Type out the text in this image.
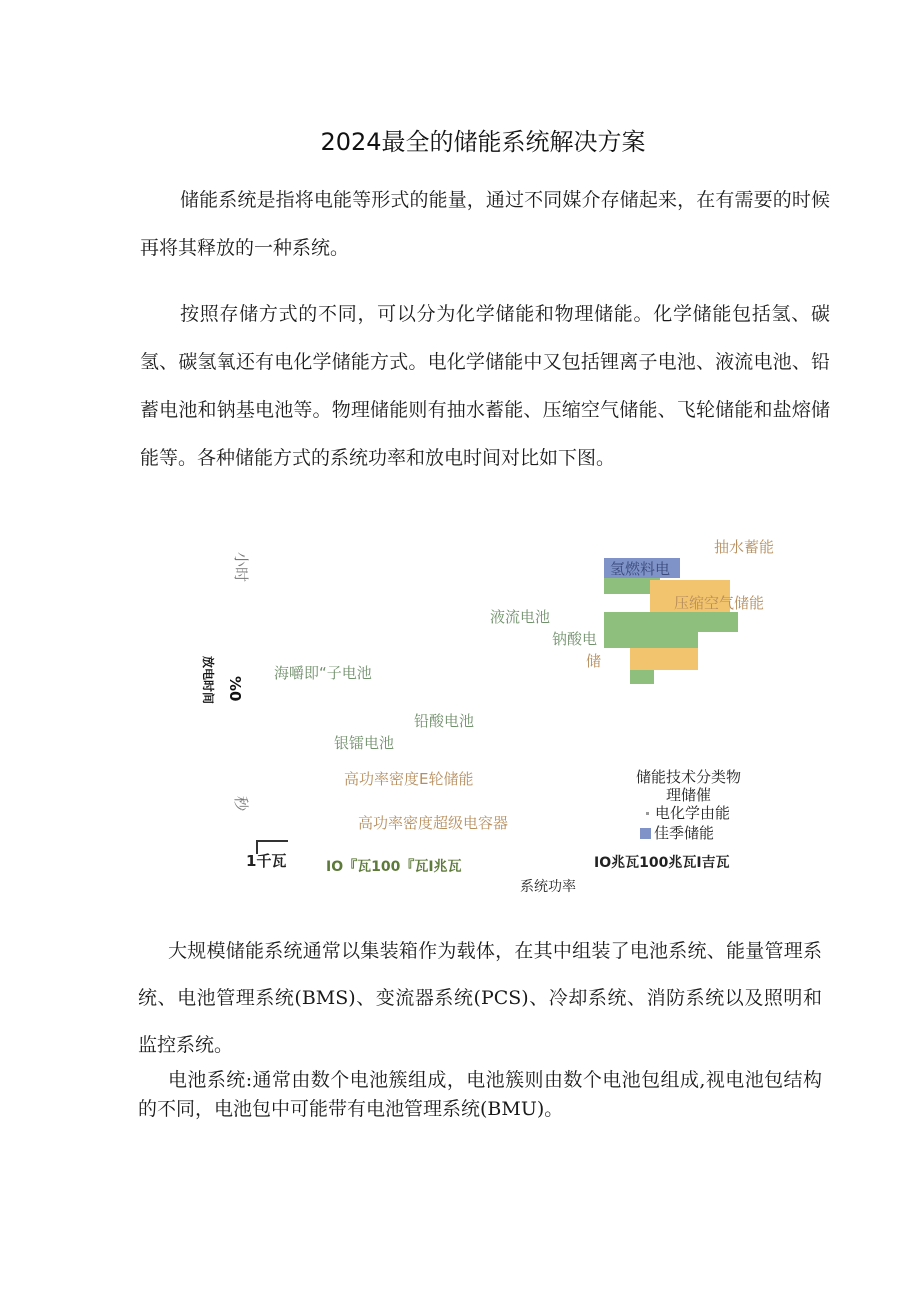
2024最全的储能系统解决方案

储能系统是指将电能等形式的能量，通过不同媒介存储起来，在有需要的时候再将其释放的一种系统。

按照存储方式的不同，可以分为化学储能和物理储能。化学储能包括氢、碳氢、碳氢氧还有电化学储能方式。电化学储能中又包括锂离子电池、液流电池、铅蓄电池和钠基电池等。物理储能则有抽水蓄能、压缩空气储能、飞轮储能和盐熔储能等。各种储能方式的系统功率和放电时间对比如下图。

抽水蓄能
氢燃料电
压缩空气储能
液流电池
钠酸电
储
海嚼即“子电池
铅酸电池
银镭电池
高功率密度E轮储能
高功率密度超级电容器
小时
%0
放电时间
秒
1千瓦	IO『瓦100『瓦I兆瓦	IO兆瓦100兆瓦I吉瓦
系统功率
储能技术分类物
理储催
电化学由能
佳季储能

大规模储能系统通常以集装箱作为载体，在其中组装了电池系统、能量管理系统、电池管理系统(BMS)、变流器系统(PCS)、冷却系统、消防系统以及照明和监控系统。

电池系统:通常由数个电池簇组成，电池簇则由数个电池包组成,视电池包结构的不同，电池包中可能带有电池管理系统(BMU)。
